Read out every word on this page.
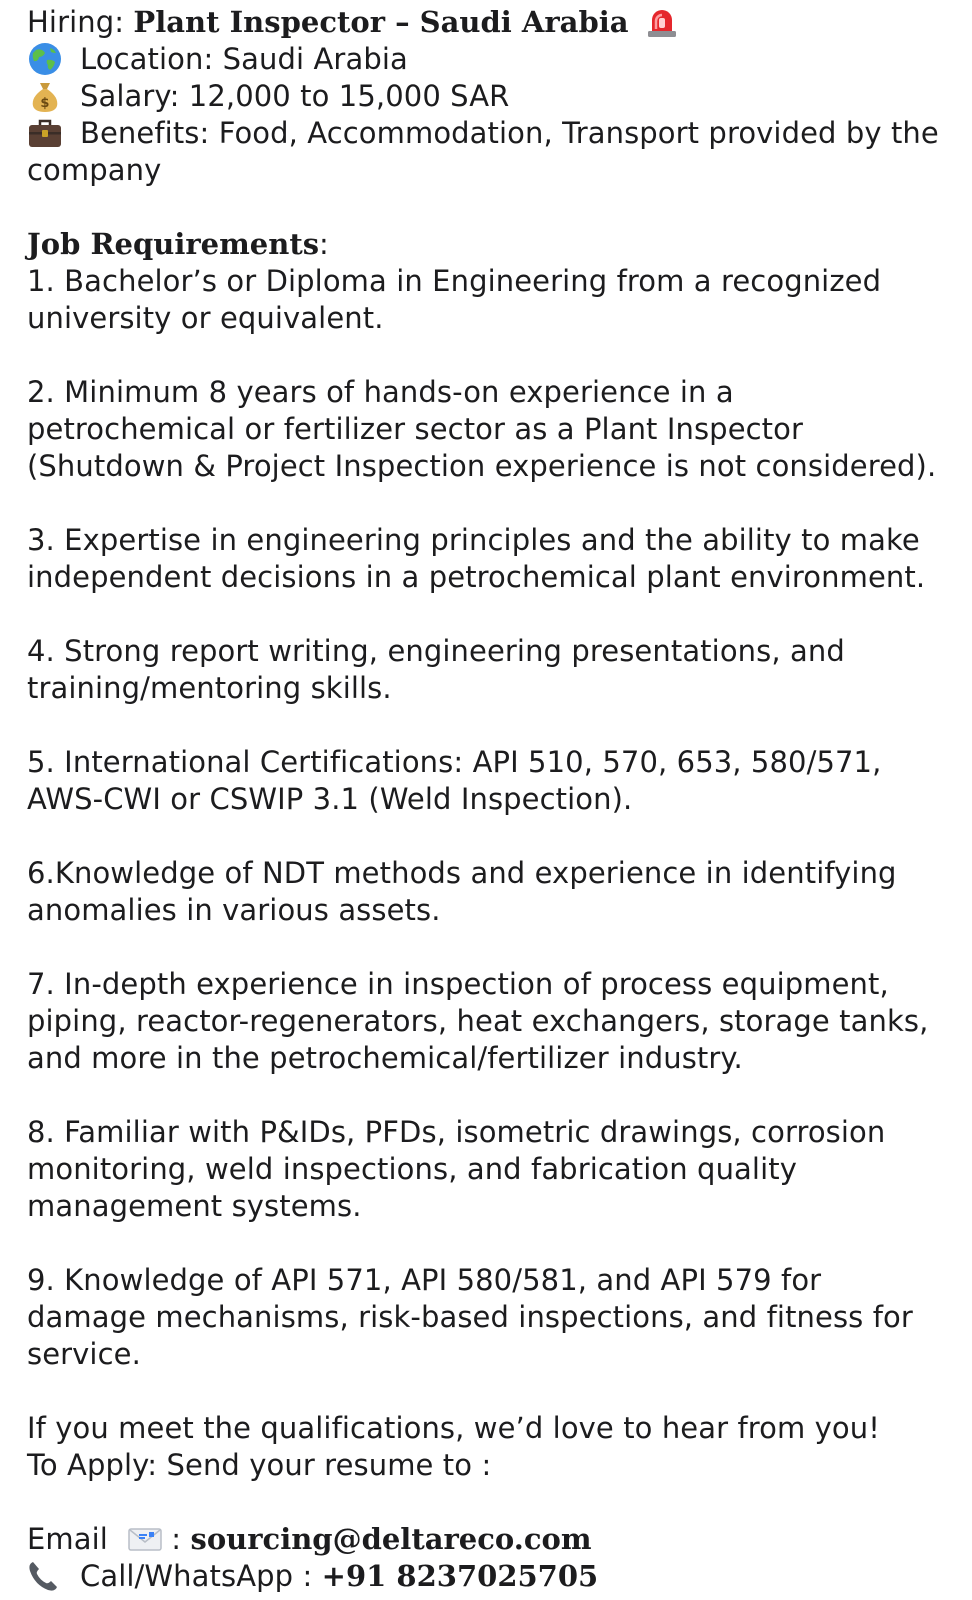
Hiring: Plant Inspector – Saudi Arabia
Location: Saudi Arabia
$ Salary: 12,000 to 15,000 SAR
Benefits: Food, Accommodation, Transport provided by the company
Job Requirements:

1. Bachelor’s or Diploma in Engineering from a recognized university or equivalent.

2. Minimum 8 years of hands-on experience in a petrochemical or fertilizer sector as a Plant Inspector (Shutdown & Project Inspection experience is not considered).

3. Expertise in engineering principles and the ability to make independent decisions in a petrochemical plant environment.

4. Strong report writing, engineering presentations, and training/mentoring skills.

5. International Certifications: API 510, 570, 653, 580/571, AWS-CWI or CSWIP 3.1 (Weld Inspection).

6.Knowledge of NDT methods and experience in identifying anomalies in various assets.

7. In-depth experience in inspection of process equipment, piping, reactor-regenerators, heat exchangers, storage tanks, and more in the petrochemical/fertilizer industry.

8. Familiar with P&IDs, PFDs, isometric drawings, corrosion monitoring, weld inspections, and fabrication quality management systems.

9. Knowledge of API 571, API 580/581, and API 579 for damage mechanisms, risk-based inspections, and fitness for service.

If you meet the qualifications, we’d love to hear from you!
To Apply: Send your resume to :
Email : sourcing@deltareco.com
Call/WhatsApp : +91 8237025705
